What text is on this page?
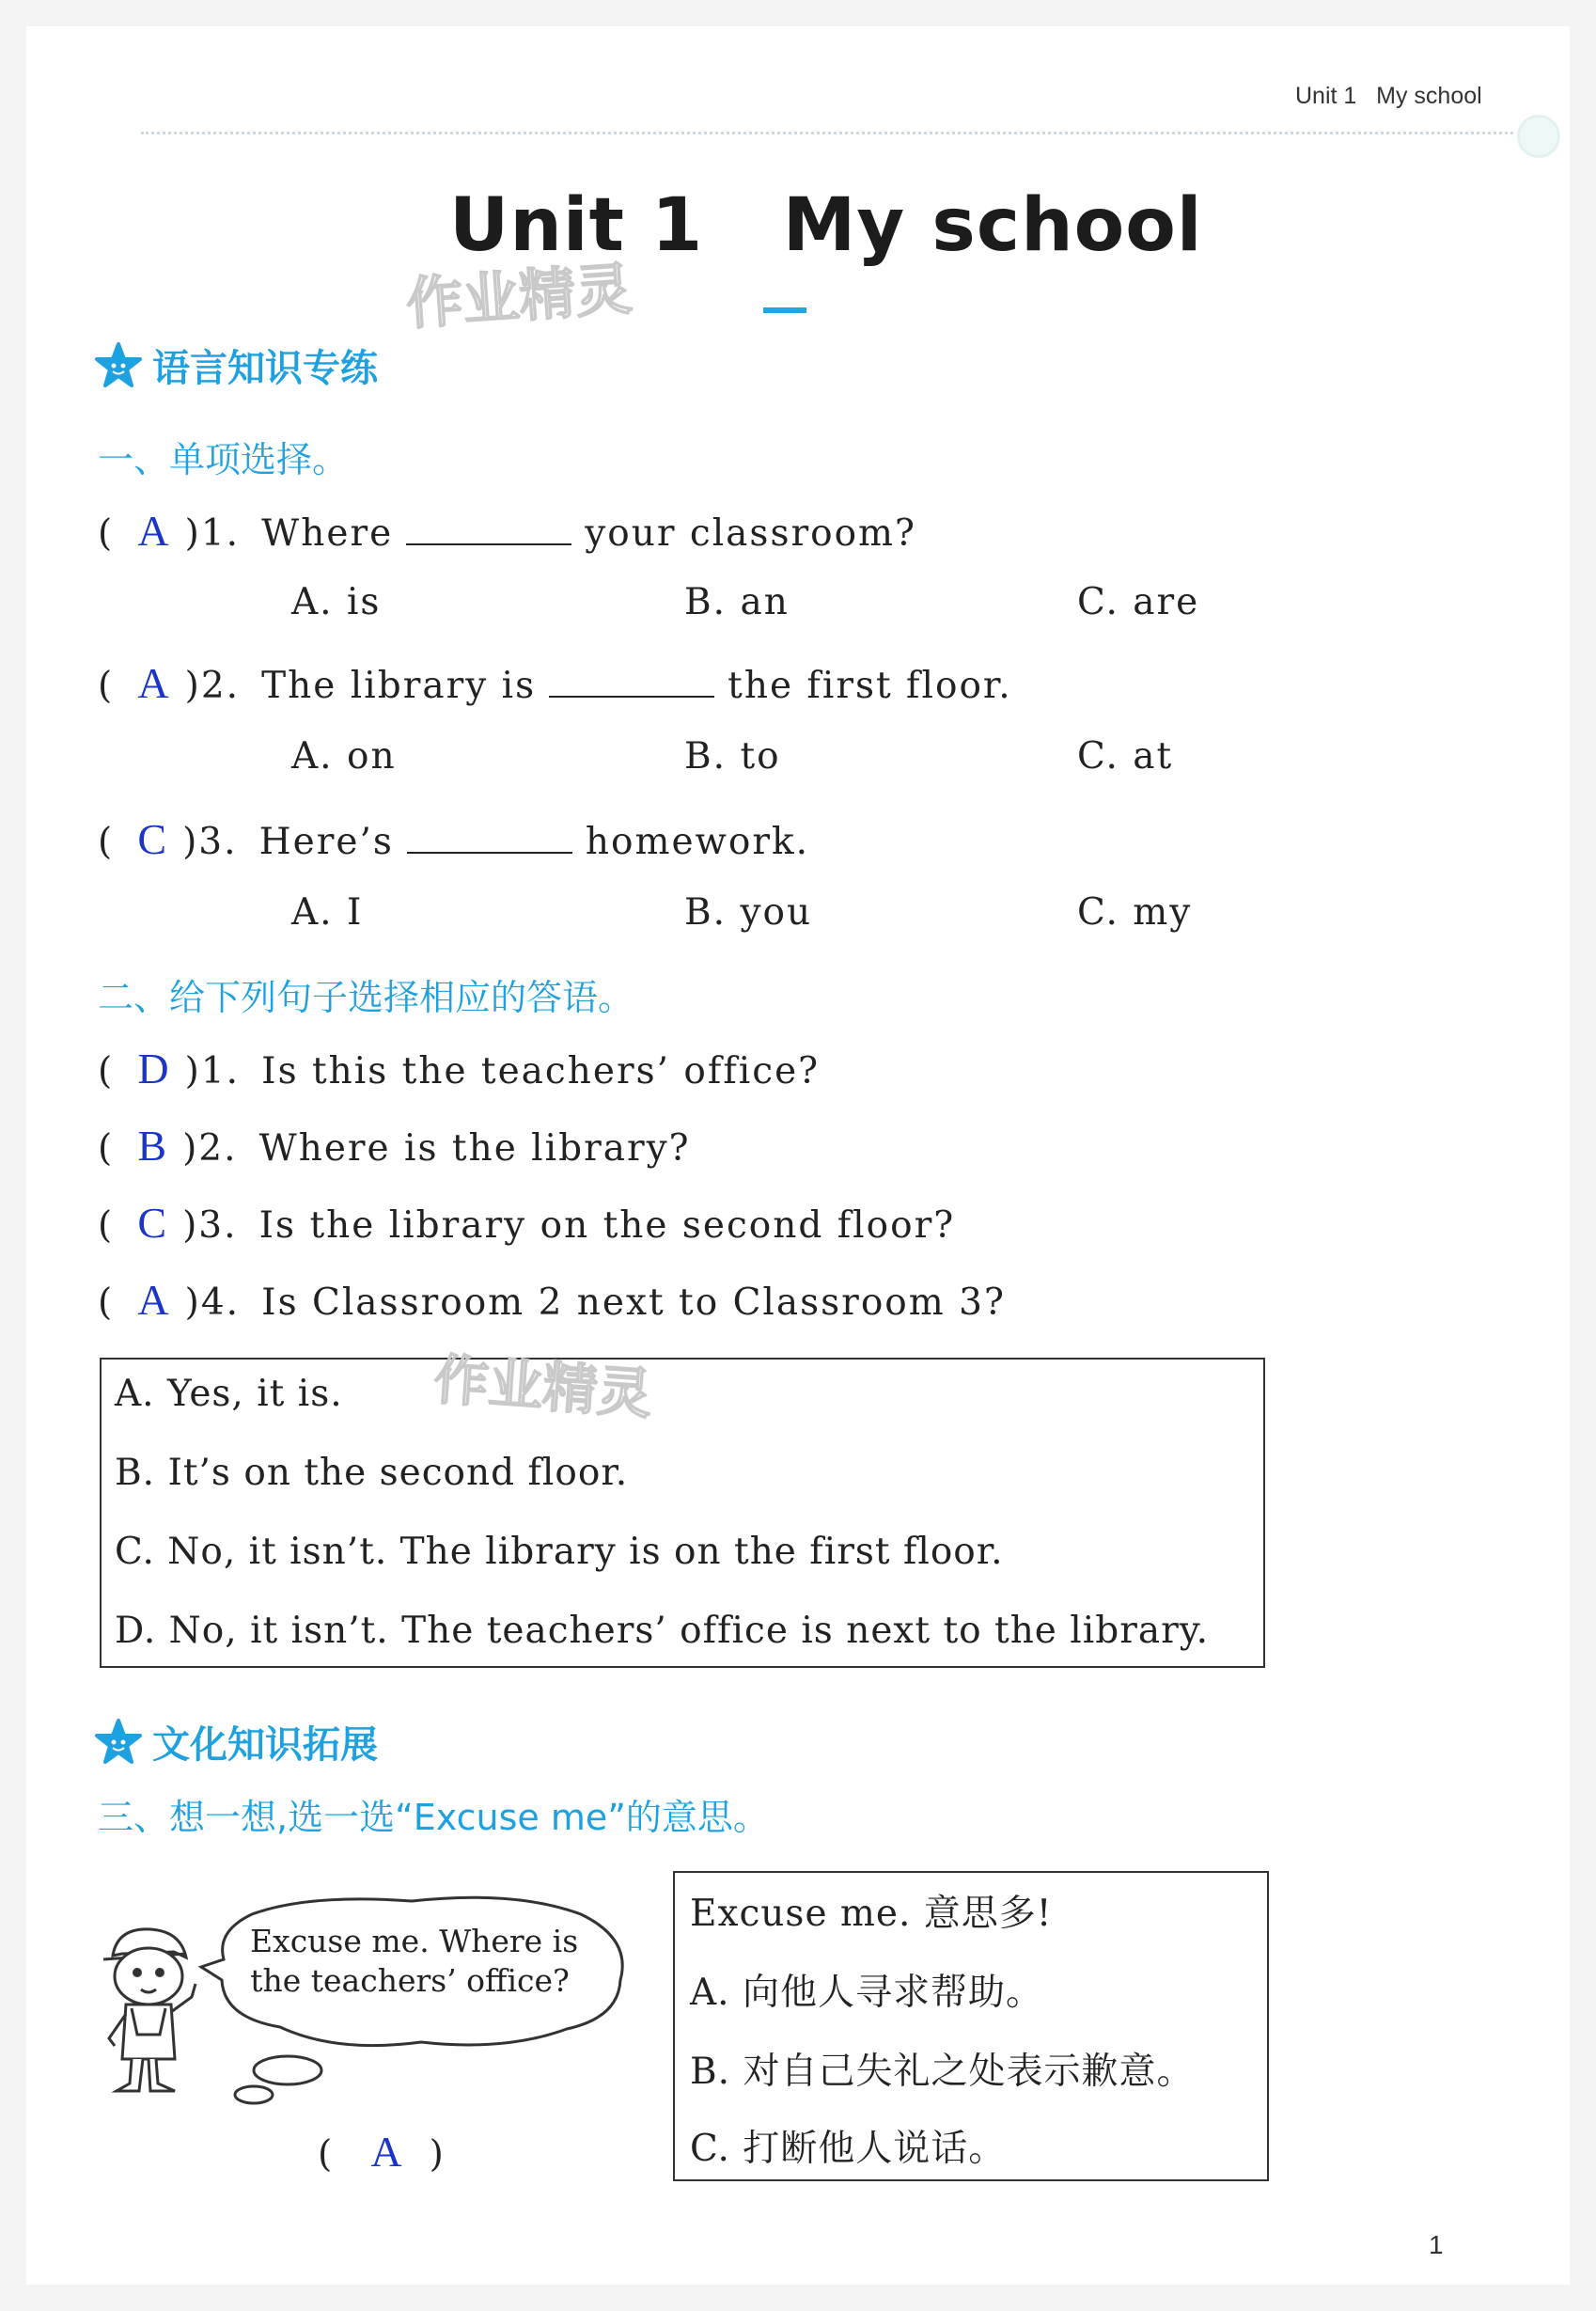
Unit 1 My school
Unit 1 My school
作业精灵
语言知识专练
一、单项选择。
( A )1. Where	your classroom?
A. is	B. an	C. are
( A )2. The library is	the first floor.
A. on	B. to	C. at
( C )3. Here’s	homework.
A. I	B. you	C. my
二、给下列句子选择相应的答语。
( D )1. Is this the teachers’ office?
( B )2. Where is the library?
( C )3. Is the library on the second floor?
( A )4. Is Classroom 2 next to Classroom 3?
A. Yes, it is.
B. It’s on the second floor.
C. No, it isn’t. The library is on the first floor.
D. No, it isn’t. The teachers’ office is next to the library.
作业精灵
文化知识拓展
三、想一想,选一选“Excuse me”的意思。
Excuse me. Where is
the teachers’ office?
( A )
Excuse me. 意思多!
A. 向他人寻求帮助。
B. 对自己失礼之处表示歉意。
C. 打断他人说话。
1
